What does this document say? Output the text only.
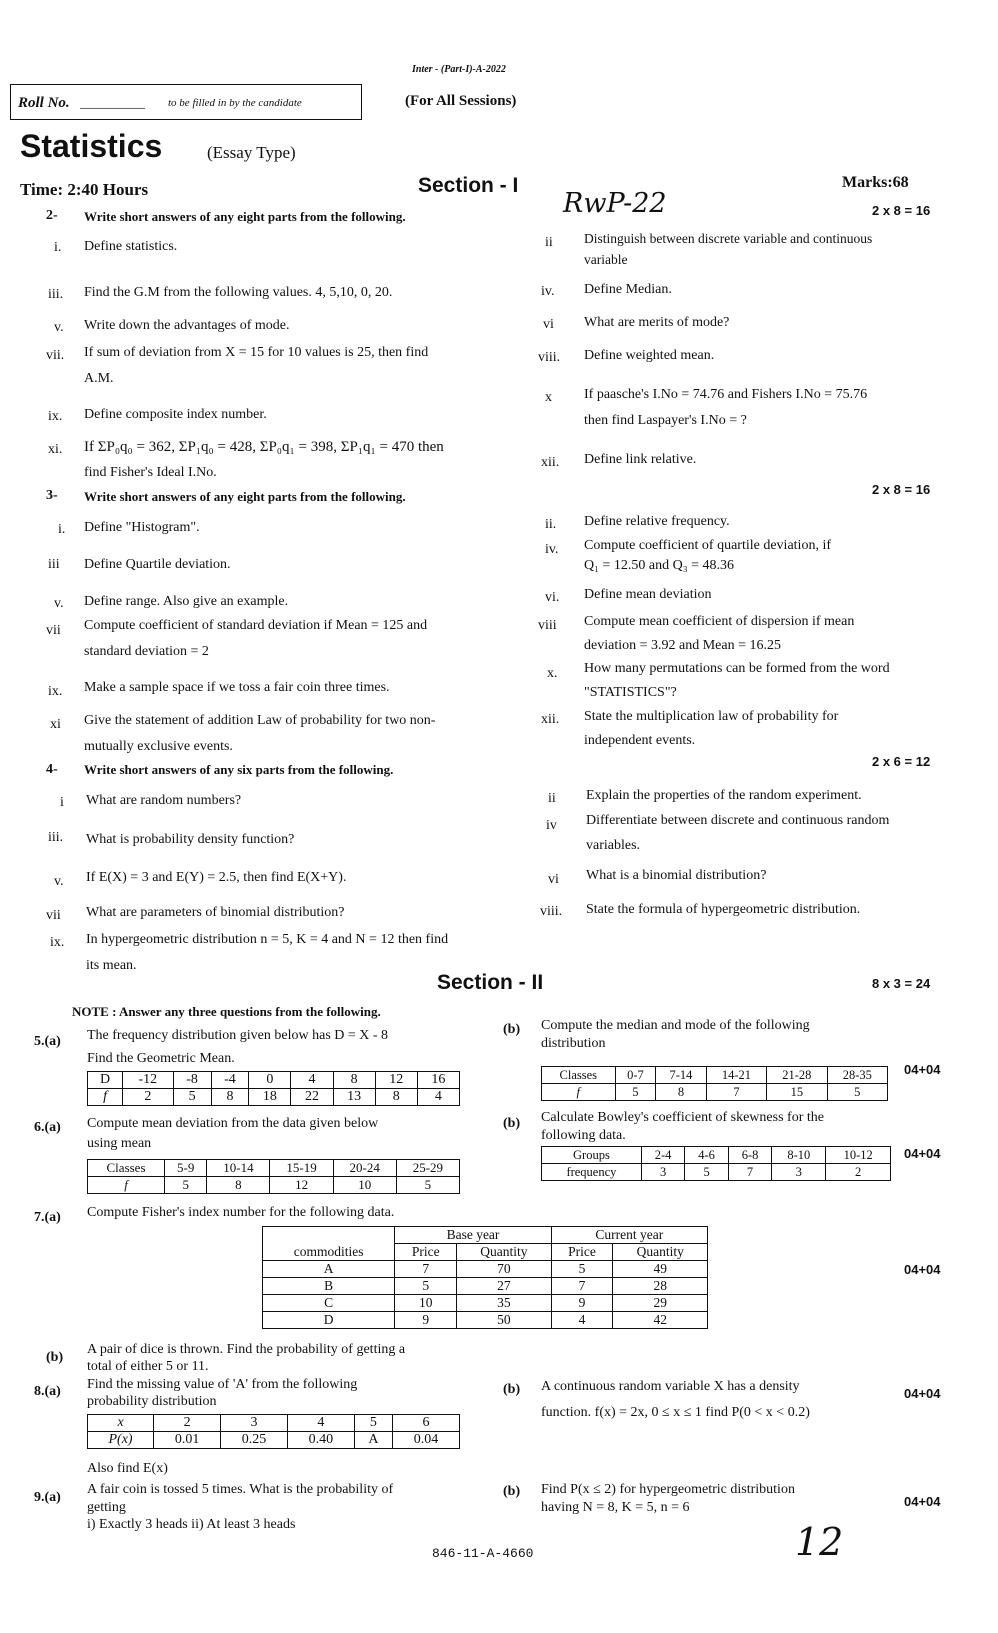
Inter - (Part-I)-A-2022
Roll No. __________ to be filled in by the candidate	(For All Sessions)
Statistics	(Essay Type)
Time: 2:40 Hours	Section - I
RwP-22
Marks:68
2- Write short answers of any eight parts from the following.	2 x 8 = 16
i. Define statistics.
iii. Find the G.M from the following values. 4, 5,10, 0, 20.
v. Write down the advantages of mode.
vii. If sum of deviation from X = 15 for 10 values is 25, then find
A.M.
ix. Define composite index number.
xi. If ΣP₀q₀ = 362, ΣP₁q₀ = 428, ΣP₀q₁ = 398, ΣP₁q₁ = 470 then
find Fisher's Ideal I.No.
ii Distinguish between discrete variable and continuous
variable
iv. Define Median.
vi What are merits of mode?
viii. Define weighted mean.
x If paasche's I.No = 74.76 and Fishers I.No = 75.76
then find Laspayer's I.No = ?
xii. Define link relative.
2 x 8 = 16
3- Write short answers of any eight parts from the following.
i. Define "Histogram".
iii Define Quartile deviation.
v. Define range. Also give an example.
vii Compute coefficient of standard deviation if Mean = 125 and
standard deviation = 2
ix. Make a sample space if we toss a fair coin three times.
xi Give the statement of addition Law of probability for two non-
mutually exclusive events.
ii. Define relative frequency.
iv. Compute coefficient of quartile deviation, if
Q₁ = 12.50 and Q₃ = 48.36
vi. Define mean deviation
viii Compute mean coefficient of dispersion if mean
deviation = 3.92 and Mean = 16.25
x. How many permutations can be formed from the word
"STATISTICS"?
xii. State the multiplication law of probability for
independent events.
4- Write short answers of any six parts from the following.
2 x 6 = 12
i What are random numbers?
iii. What is probability density function?
v. If E(X) = 3 and E(Y) = 2.5, then find E(X+Y).
vii What are parameters of binomial distribution?
ix. In hypergeometric distribution n = 5, K = 4 and N = 12 then find
its mean.
ii Explain the properties of the random experiment.
iv Differentiate between discrete and continuous random
variables.
vi What is a binomial distribution?
viii. State the formula of hypergeometric distribution.
Section - II	8 x 3 = 24
NOTE : Answer any three questions from the following.
5.(a) The frequency distribution given below has D = X - 8
Find the Geometric Mean.
D	-12	-8	-4	0	4	8	12	16
f	2	5	8	18	22	13	8	4
(b) Compute the median and mode of the following
distribution
Classes	0-7	7-14	14-21	21-28	28-35
f	5	8	7	15	5
04+04
6.(a) Compute mean deviation from the data given below
using mean
Classes	5-9	10-14	15-19	20-24	25-29
f	5	8	12	10	5
(b) Calculate Bowley's coefficient of skewness for the
following data.
Groups	2-4	4-6	6-8	8-10	10-12
frequency	3	5	7	3	2
04+04
7.(a) Compute Fisher's index number for the following data.
commodities	Base year		Current year	
	Price	Quantity	Price	Quantity
A	7	70	5	49
B	5	27	7	28
C	10	35	9	29
D	9	50	4	42
04+04
(b)
A pair of dice is thrown. Find the probability of getting a
total of either 5 or 11.
8.(a) Find the missing value of 'A' from the following
probability distribution
x	2	3	4	5	6
P(x)	0.01	0.25	0.40	A	0.04
Also find E(x)
(b) A continuous random variable X has a density
function. f(x) = 2x, 0 ≤ x ≤ 1 find P(0 < x < 0.2)
04+04
9.(a)
A fair coin is tossed 5 times. What is the probability of
getting
i) Exactly 3 heads ii) At least 3 heads
(b) Find P(x ≤ 2) for hypergeometric distribution
having N = 8, K = 5, n = 6	04+04
846-11-A-4660	12
